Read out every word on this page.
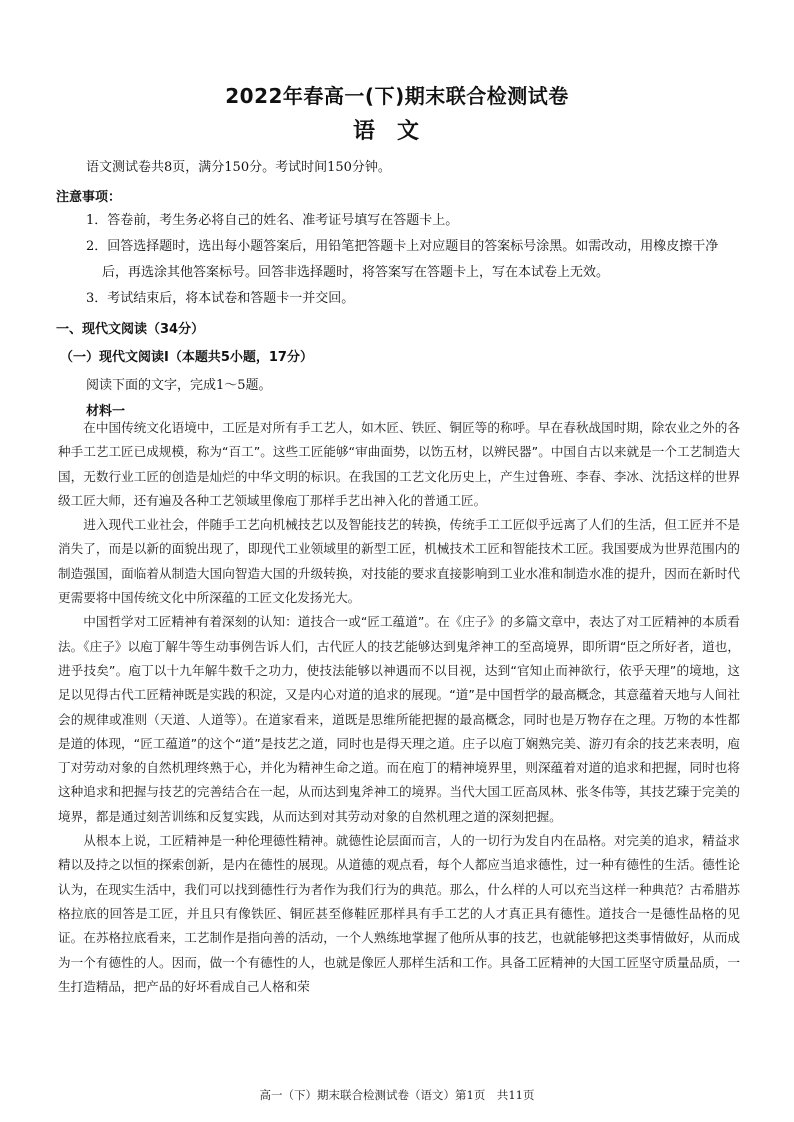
2022年春高一(下)期末联合检测试卷
语文
语文测试卷共8页，满分150分。考试时间150分钟。
注意事项：

1．答卷前，考生务必将自己的姓名、准考证号填写在答题卡上。

2．回答选择题时，选出每小题答案后，用铅笔把答题卡上对应题目的答案标号涂黑。如需改动，用橡皮擦干净后，再选涂其他答案标号。回答非选择题时，将答案写在答题卡上，写在本试卷上无效。

3．考试结束后，将本试卷和答题卡一并交回。

一、现代文阅读（34分）
（一）现代文阅读Ⅰ（本题共5小题，17分）
阅读下面的文字，完成1～5题。
材料一

在中国传统文化语境中，工匠是对所有手工艺人，如木匠、铁匠、铜匠等的称呼。早在春秋战国时期，除农业之外的各种手工艺工匠已成规模，称为“百工”。这些工匠能够“审曲面势，以饬五材，以辨民器”。中国自古以来就是一个工艺制造大国，无数行业工匠的创造是灿烂的中华文明的标识。在我国的工艺文化历史上，产生过鲁班、李春、李冰、沈括这样的世界级工匠大师，还有遍及各种工艺领域里像庖丁那样手艺出神入化的普通工匠。

进入现代工业社会，伴随手工艺向机械技艺以及智能技艺的转换，传统手工工匠似乎远离了人们的生活，但工匠并不是消失了，而是以新的面貌出现了，即现代工业领域里的新型工匠，机械技术工匠和智能技术工匠。我国要成为世界范围内的制造强国，面临着从制造大国向智造大国的升级转换，对技能的要求直接影响到工业水准和制造水准的提升，因而在新时代更需要将中国传统文化中所深蕴的工匠文化发扬光大。

中国哲学对工匠精神有着深刻的认知：道技合一或“匠工蕴道”。在《庄子》的多篇文章中，表达了对工匠精神的本质看法。《庄子》以庖丁解牛等生动事例告诉人们，古代匠人的技艺能够达到鬼斧神工的至高境界，即所谓“臣之所好者，道也，进乎技矣”。庖丁以十九年解牛数千之功力，使技法能够以神遇而不以目视，达到“官知止而神欲行，依乎天理”的境地，这足以见得古代工匠精神既是实践的积淀，又是内心对道的追求的展现。“道”是中国哲学的最高概念，其意蕴着天地与人间社会的规律或准则（天道、人道等）。在道家看来，道既是思维所能把握的最高概念，同时也是万物存在之理。万物的本性都是道的体现，“匠工蕴道”的这个“道”是技艺之道，同时也是得天理之道。庄子以庖丁娴熟完美、游刃有余的技艺来表明，庖丁对劳动对象的自然机理终熟于心，并化为精神生命之道。而在庖丁的精神境界里，则深蕴着对道的追求和把握，同时也将这种追求和把握与技艺的完善结合在一起，从而达到鬼斧神工的境界。当代大国工匠高凤林、张冬伟等，其技艺臻于完美的境界，都是通过刻苦训练和反复实践，从而达到对其劳动对象的自然机理之道的深刻把握。

从根本上说，工匠精神是一种伦理德性精神。就德性论层面而言，人的一切行为发自内在品格。对完美的追求，精益求精以及持之以恒的探索创新，是内在德性的展现。从道德的观点看，每个人都应当追求德性，过一种有德性的生活。德性论认为，在现实生活中，我们可以找到德性行为者作为我们行为的典范。那么，什么样的人可以充当这样一种典范？古希腊苏格拉底的回答是工匠，并且只有像铁匠、铜匠甚至修鞋匠那样具有手工艺的人才真正具有德性。道技合一是德性品格的见证。在苏格拉底看来，工艺制作是指向善的活动，一个人熟练地掌握了他所从事的技艺，也就能够把这类事情做好，从而成为一个有德性的人。因而，做一个有德性的人，也就是像匠人那样生活和工作。具备工匠精神的大国工匠坚守质量品质，一生打造精品，把产品的好坏看成自己人格和荣

高一（下）期末联合检测试卷（语文）第1页　共11页
